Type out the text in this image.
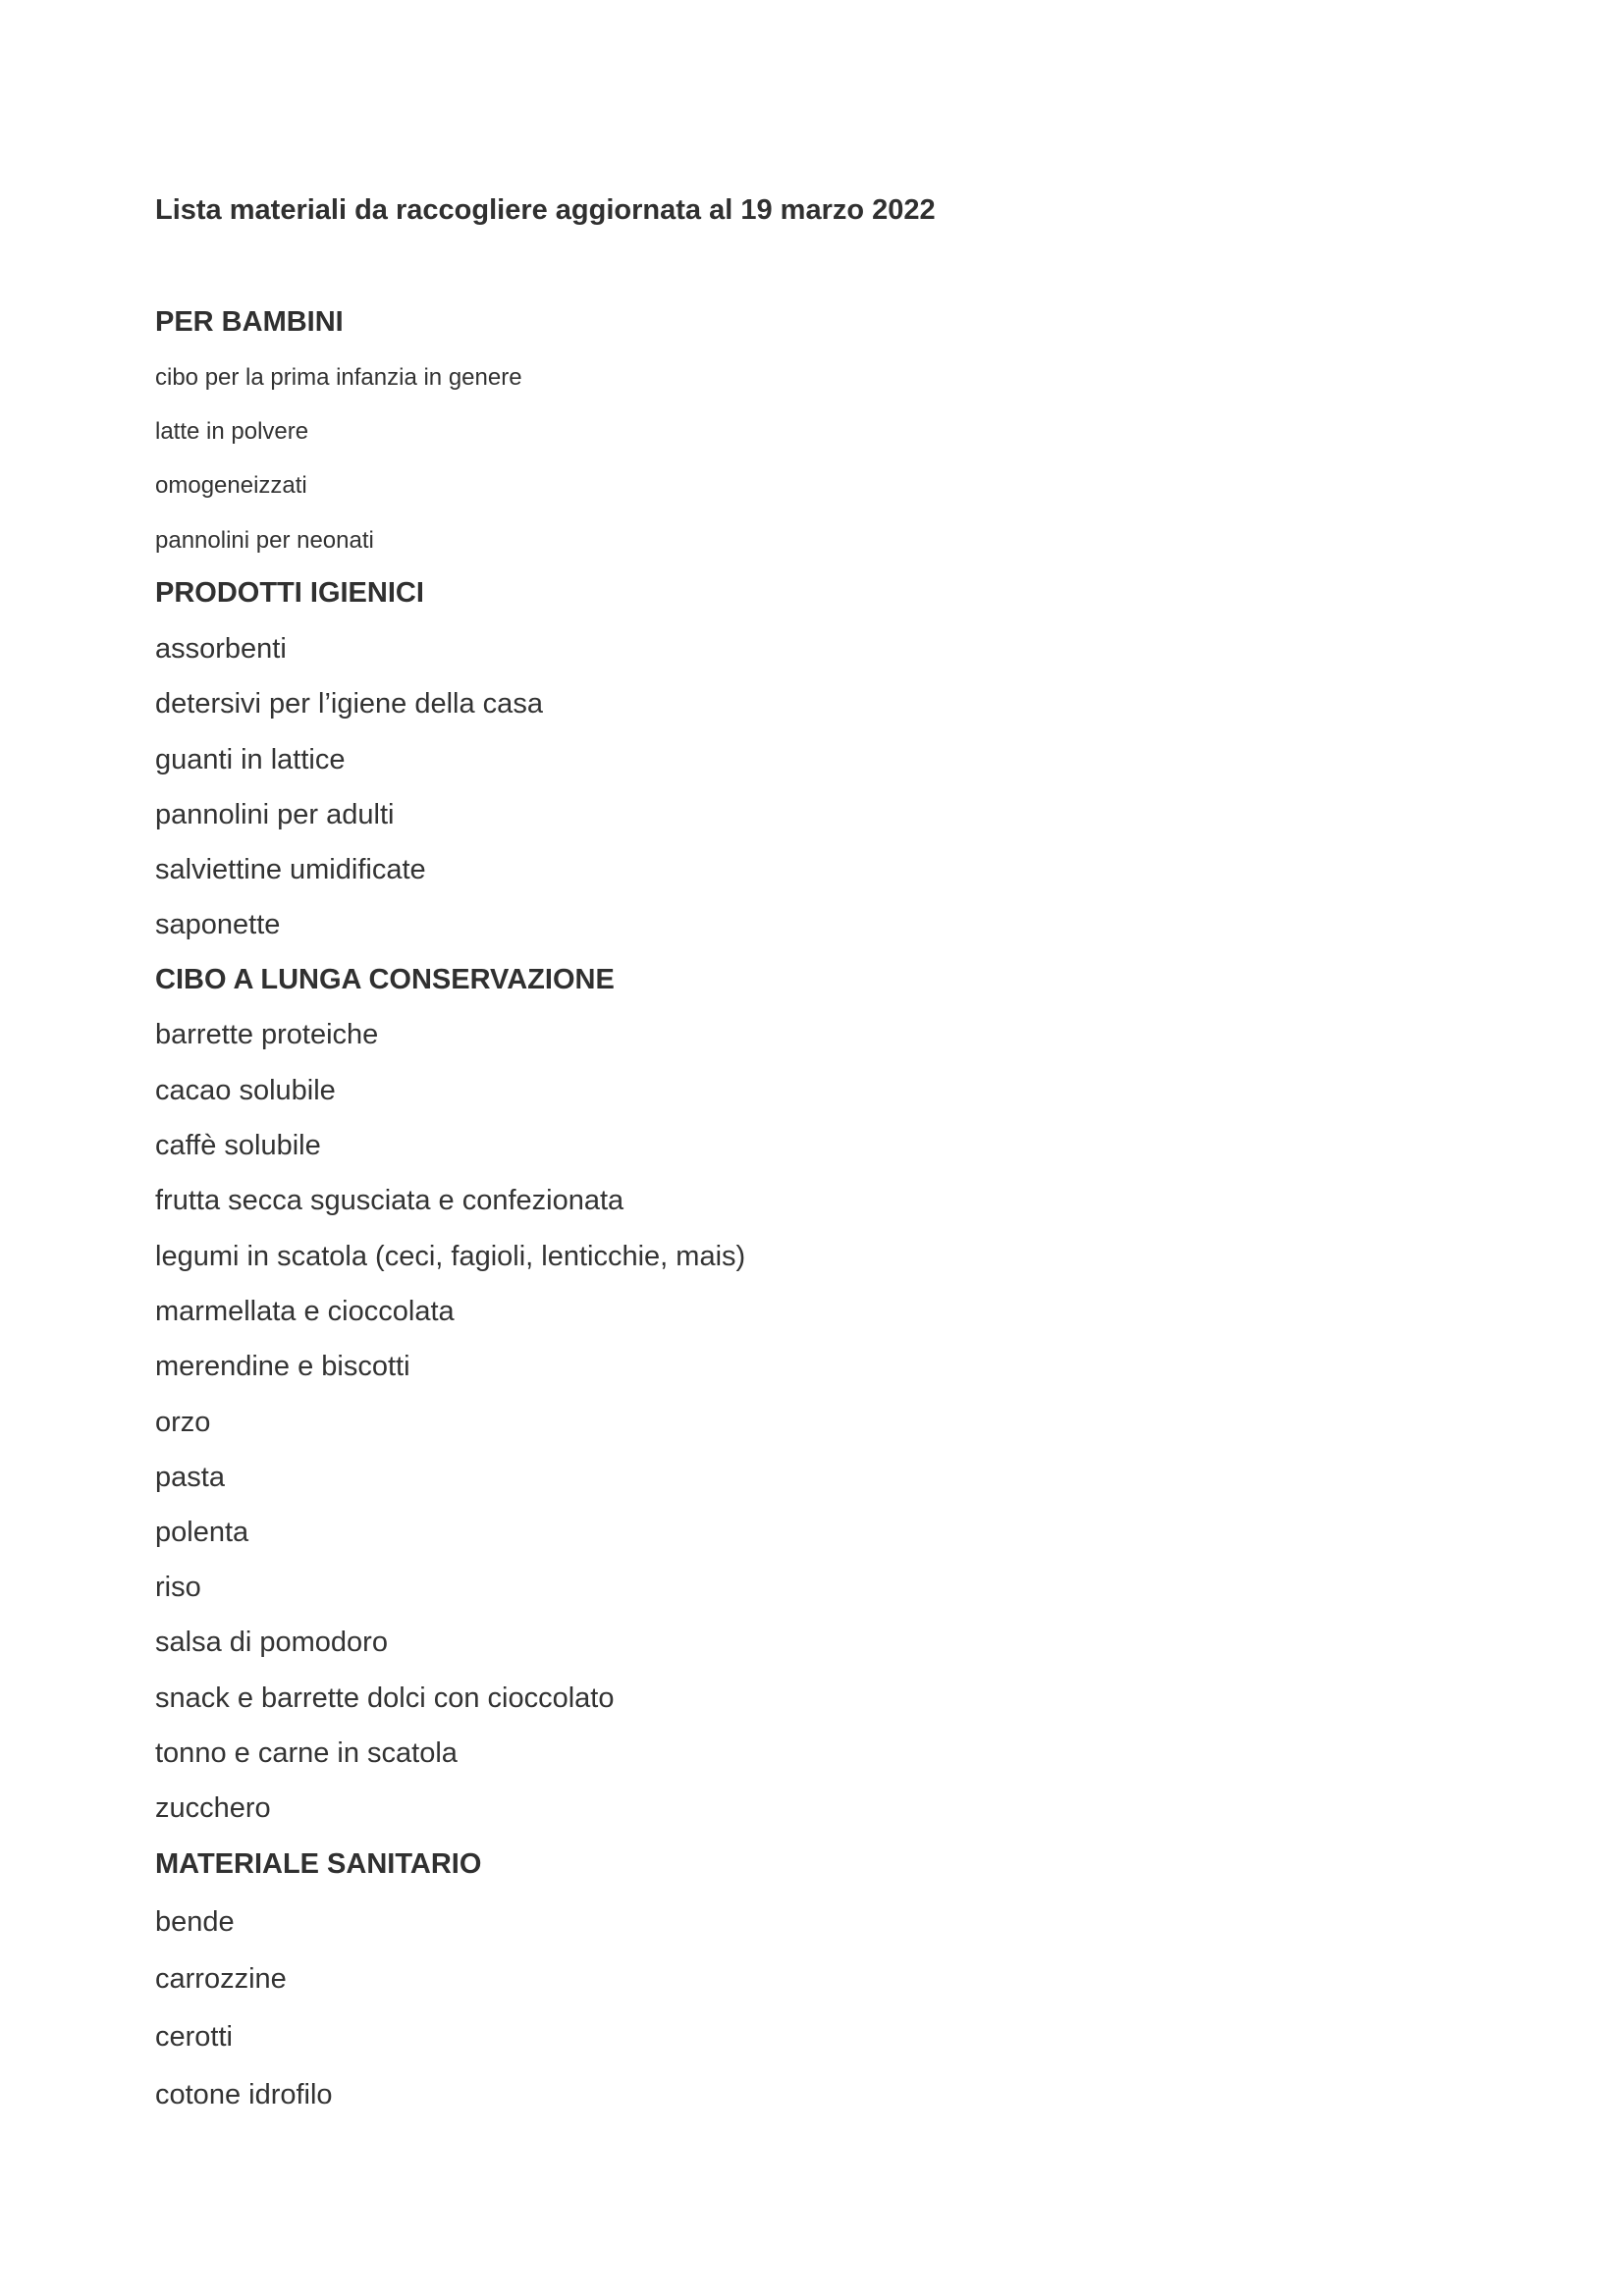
Lista materiali da raccogliere aggiornata al 19 marzo 2022
PER BAMBINI
cibo per la prima infanzia in genere
latte in polvere
omogeneizzati
pannolini per neonati
PRODOTTI IGIENICI
assorbenti
detersivi per l’igiene della casa
guanti in lattice
pannolini per adulti
salviettine umidificate
saponette
CIBO A LUNGA CONSERVAZIONE
barrette proteiche
cacao solubile
caffè solubile
frutta secca sgusciata e confezionata
legumi in scatola (ceci, fagioli, lenticchie, mais)
marmellata e cioccolata
merendine e biscotti
orzo
pasta
polenta
riso
salsa di pomodoro
snack e barrette dolci con cioccolato
tonno e carne in scatola
zucchero
MATERIALE SANITARIO
bende
carrozzine
cerotti
cotone idrofilo
